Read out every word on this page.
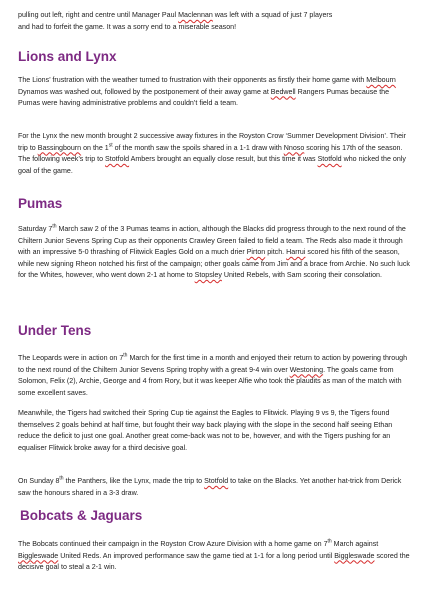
pulling out left, right and centre until Manager Paul Maclennan was left with a squad of just 7 players

and had to forfeit the game. It was a sorry end to a miserable season!

Lions and Lynx

The Lions’ frustration with the weather turned to frustration with their opponents as firstly their home game with Melbourn Dynamos was washed out, followed by the postponement of their away game at Bedwell Rangers Pumas because the Pumas were having administrative problems and couldn’t field a team.

For the Lynx the new month brought 2 successive away fixtures in the Royston Crow ‘Summer Development Division’. Their trip to Bassingbourn on the 1st of the month saw the spoils shared in a 1-1 draw with Nnoso scoring his 17th of the season. The following week’s trip to Stotfold Ambers brought an equally close result, but this time it was Stotfold who nicked the only goal of the game.

Pumas

Saturday 7th March saw 2 of the 3 Pumas teams in action, although the Blacks did progress through to the next round of the Chiltern Junior Sevens Spring Cup as their opponents Crawley Green failed to field a team. The Reds also made it through with an impressive 5-0 thrashing of Flitwick Eagles Gold on a much drier Pirton pitch. Harrui scored his fifth of the season, while new signing Rheon notched his first of the campaign; other goals came from Jim and a brace from Archie. No such luck for the Whites, however, who went down 2-1 at home to Stopsley United Rebels, with Sam scoring their consolation.

Under Tens

The Leopards were in action on 7th March for the first time in a month and enjoyed their return to action by powering through to the next round of the Chiltern Junior Sevens Spring trophy with a great 9-4 win over Westoning. The goals came from Solomon, Felix (2), Archie, George and 4 from Rory, but it was keeper Alfie who took the plaudits as man of the match with some excellent saves.

Meanwhile, the Tigers had switched their Spring Cup tie against the Eagles to Flitwick. Playing 9 vs 9, the Tigers found themselves 2 goals behind at half time, but fought their way back playing with the slope in the second half seeing Ethan reduce the deficit to just one goal. Another great come-back was not to be, however, and with the Tigers pushing for an equaliser Flitwick broke away for a third decisive goal.

On Sunday 8th the Panthers, like the Lynx, made the trip to Stotfold to take on the Blacks. Yet another hat-trick from Derick saw the honours shared in a 3-3 draw.

Bobcats & Jaguars

The Bobcats continued their campaign in the Royston Crow Azure Division with a home game on 7th March against Biggleswade United Reds. An improved performance saw the game tied at 1-1 for a long period until Biggleswade scored the decisive goal to steal a 2-1 win.
